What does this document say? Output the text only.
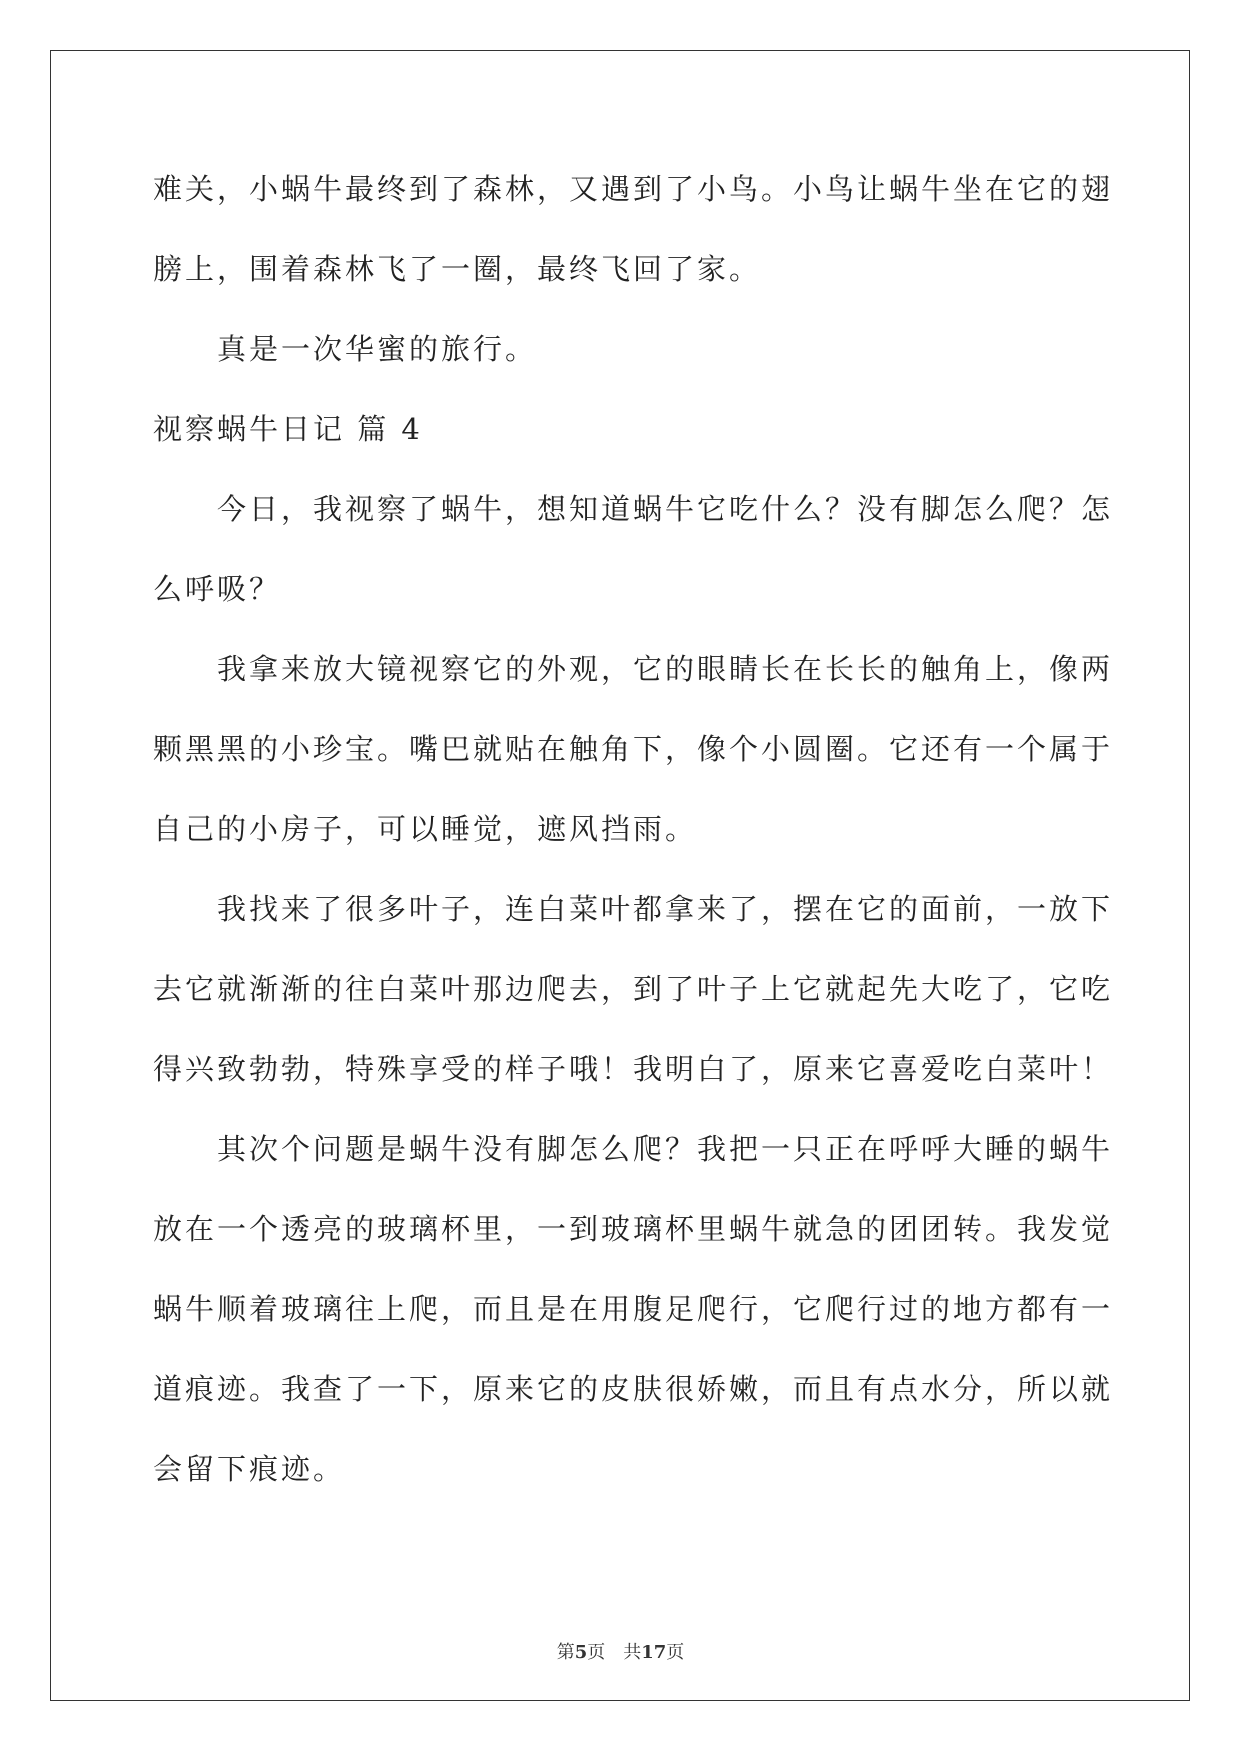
难关，小蜗牛最终到了森林，又遇到了小鸟。小鸟让蜗牛坐在它的翅
膀上，围着森林飞了一圈，最终飞回了家。
　　真是一次华蜜的旅行。
视察蜗牛日记 篇 4
　　今日，我视察了蜗牛，想知道蜗牛它吃什么？没有脚怎么爬？怎
么呼吸？
　　我拿来放大镜视察它的外观，它的眼睛长在长长的触角上，像两
颗黑黑的小珍宝。嘴巴就贴在触角下，像个小圆圈。它还有一个属于
自己的小房子，可以睡觉，遮风挡雨。
　　我找来了很多叶子，连白菜叶都拿来了，摆在它的面前，一放下
去它就渐渐的往白菜叶那边爬去，到了叶子上它就起先大吃了，它吃
得兴致勃勃，特殊享受的样子哦！我明白了，原来它喜爱吃白菜叶！
　　其次个问题是蜗牛没有脚怎么爬？我把一只正在呼呼大睡的蜗牛
放在一个透亮的玻璃杯里，一到玻璃杯里蜗牛就急的团团转。我发觉
蜗牛顺着玻璃往上爬，而且是在用腹足爬行，它爬行过的地方都有一
道痕迹。我查了一下，原来它的皮肤很娇嫩，而且有点水分，所以就
会留下痕迹。
第5页　 共17页
